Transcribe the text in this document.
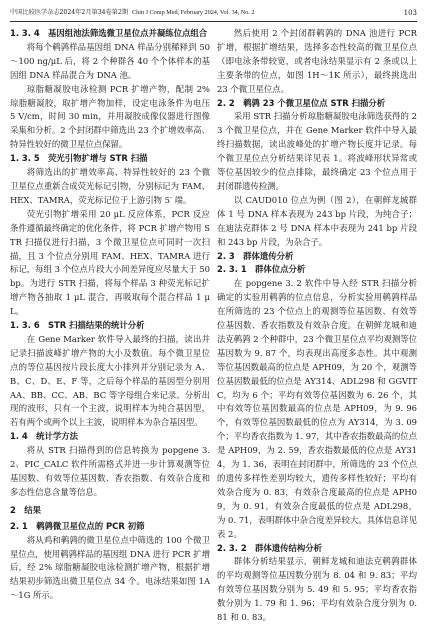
中国比较医学杂志2024年2月第34卷第2期 Chin J Comp Med, February 2024, Vol. 34, No. 2	103

1. 3. 4　基因组池法筛选微卫星位点并凝练位点组合

将每个鹌鹑样品基因组 DNA 样品分别稀释到 50～100 ng/μL 后，将 2 个种群各 40 个个体样本的基因组 DNA 样品混合为 DNA 池。

琼脂糖凝胶电泳检测 PCR 扩增产物，配制 2% 琼脂糖凝胶，取扩增产物加样，设定电泳条件为电压 5 V/cm，时间 30 min，并用凝胶成像仪器进行图像采集和分析。2 个封闭群中筛选出 23 个扩增效率高、特异性较好的微卫星位点保留。

1. 3. 5　荧光引物扩增与 STR 扫描

将筛选出的扩增效率高、特异性较好的 23 个微卫星位点重新合成荧光标记引物，分别标记为 FAM、HEX、TAMRA，荧光标记位于上游引物 5′ 端。

荧光引物扩增采用 20 μL 反应体系，PCR 反应条件遵循最终确定的优化条件，将 PCR 扩增产物用 STR 扫描仪进行扫描，3 个微卫星位点可同时一次扫描，且 3 个位点分别用 FAM、HEX、TAMRA 进行标记，每组 3 个位点片段大小间差异度应尽量大于 50 bp。为进行 STR 扫描，将每个样品 3 种荧光标记扩增产物各抽取 1 μL 混合，再吸取每个混合样品 1 μL。

1. 3. 6　STR 扫描结果的统计分析

在 Gene Marker 软件导入最终的扫描，读出并记录扫描波峰扩增产物的大小及数值。每个微卫星位点的等位基因按片段长度大小排列并分别记录为 A、B、C、D、E、F 等，之后每个样品的基因型分别用 AA、BB、CC、AB、BC 等字母组合来记录。分析出现的波形，只有一个主波，说明样本为纯合基因型，若有两个或两个以上主波，说明样本为杂合基因型。

1. 4　统计学方法

将从 STR 扫描得到的信息转换为 popgene 3. 2、PIC_CALC 软件所需格式并进一步计算观测等位基因数、有效等位基因数、香农指数、有效杂合度和多态性信息含量等信息。

2　结果

2. 1　鹌鹑微卫星位点的 PCR 初筛

将从鸡和鹌鹑的微卫星位点中筛选的 100 个微卫星位点，使用鹌鹑样品的基因组 DNA 进行 PCR 扩增后，经 2% 琼脂糖凝胶电泳检测扩增产物，根据扩增结果初步筛选出微卫星位点 34 个。电泳结果如图 1A～1G 所示。

然后使用 2 个封闭群鹌鹑的 DNA 池进行 PCR 扩增，根据扩增结果，选择多态性较高的微卫星位点（即电泳条带较宽，或者电泳结果显示有 2 条或以上主要条带的位点，如图 1H～1K 所示），最终挑选出 23 个微卫星位点。

2. 2　鹌鹑 23 个微卫星位点 STR 扫描分析

采用 STR 扫描分析琼脂糖凝胶电泳筛选获得的 23 个微卫星位点，并在 Gene Marker 软件中导入最终扫描数据，读出波峰处的扩增产物长度并记录。每个微卫星位点分析结果详见表 1。将波峰形状异常或等位基因较少的位点排除，最终确定 23 个位点用于封闭群遗传检测。

以 CAUD010 位点为例（图 2），在朝鲜龙城群体 1 号 DNA 样本表现为 243 bp 片段，为纯合子；在迪法克群体 2 号 DNA 样本中表现为 241 bp 片段和 243 bp 片段，为杂合子。

2. 3　群体遗传分析

2. 3. 1　群体位点分析

在 popgene 3. 2 软件中导入经 STR 扫描分析确定的实验用鹌鹑的位点信息，分析实验用鹌鹑样品在所筛选的 23 个位点上的观测等位基因数、有效等位基因数、香农指数及有效杂合度。在朝鲜龙城和迪法克鹌鹑 2 个种群中，23 个微卫星位点平均观测等位基因数为 9. 87 个，均表现出高度多态性。其中观测等位基因数最高的位点是 APH09，为 20 个，观测等位基因数最低的位点是 AY314、ADL298 和 GGVITC，均为 6 个；平均有效等位基因数为 6. 26 个，其中有效等位基因数最高的位点是 APH09，为 9. 96 个，有效等位基因数最低的位点为 AY314，为 3. 09 个；平均香农指数为 1. 97，其中香农指数最高的位点是 APH09，为 2. 59，香农指数最低的位点是 AY314，为 1. 36，表明在封闭群中，所筛选的 23 个位点的遗传多样性差别均较大，遗传多样性较好；平均有效杂合度为 0. 83，有效杂合度最高的位点是 APH09，为 0. 91，有效杂合度最低的位点是 ADL298，为 0. 71，表明群体中杂合度差异较大。具体信息详见表 2。

2. 3. 2　群体遗传结构分析

群体分析结果显示，朝鲜龙城和迪法克鹌鹑群体的平均观测等位基因数分别为 8. 04 和 9. 83；平均有效等位基因数分别为 5. 49 和 5. 95；平均香农指数分别为 1. 79 和 1. 96；平均有效杂合度分别为 0. 81 和 0. 83。
